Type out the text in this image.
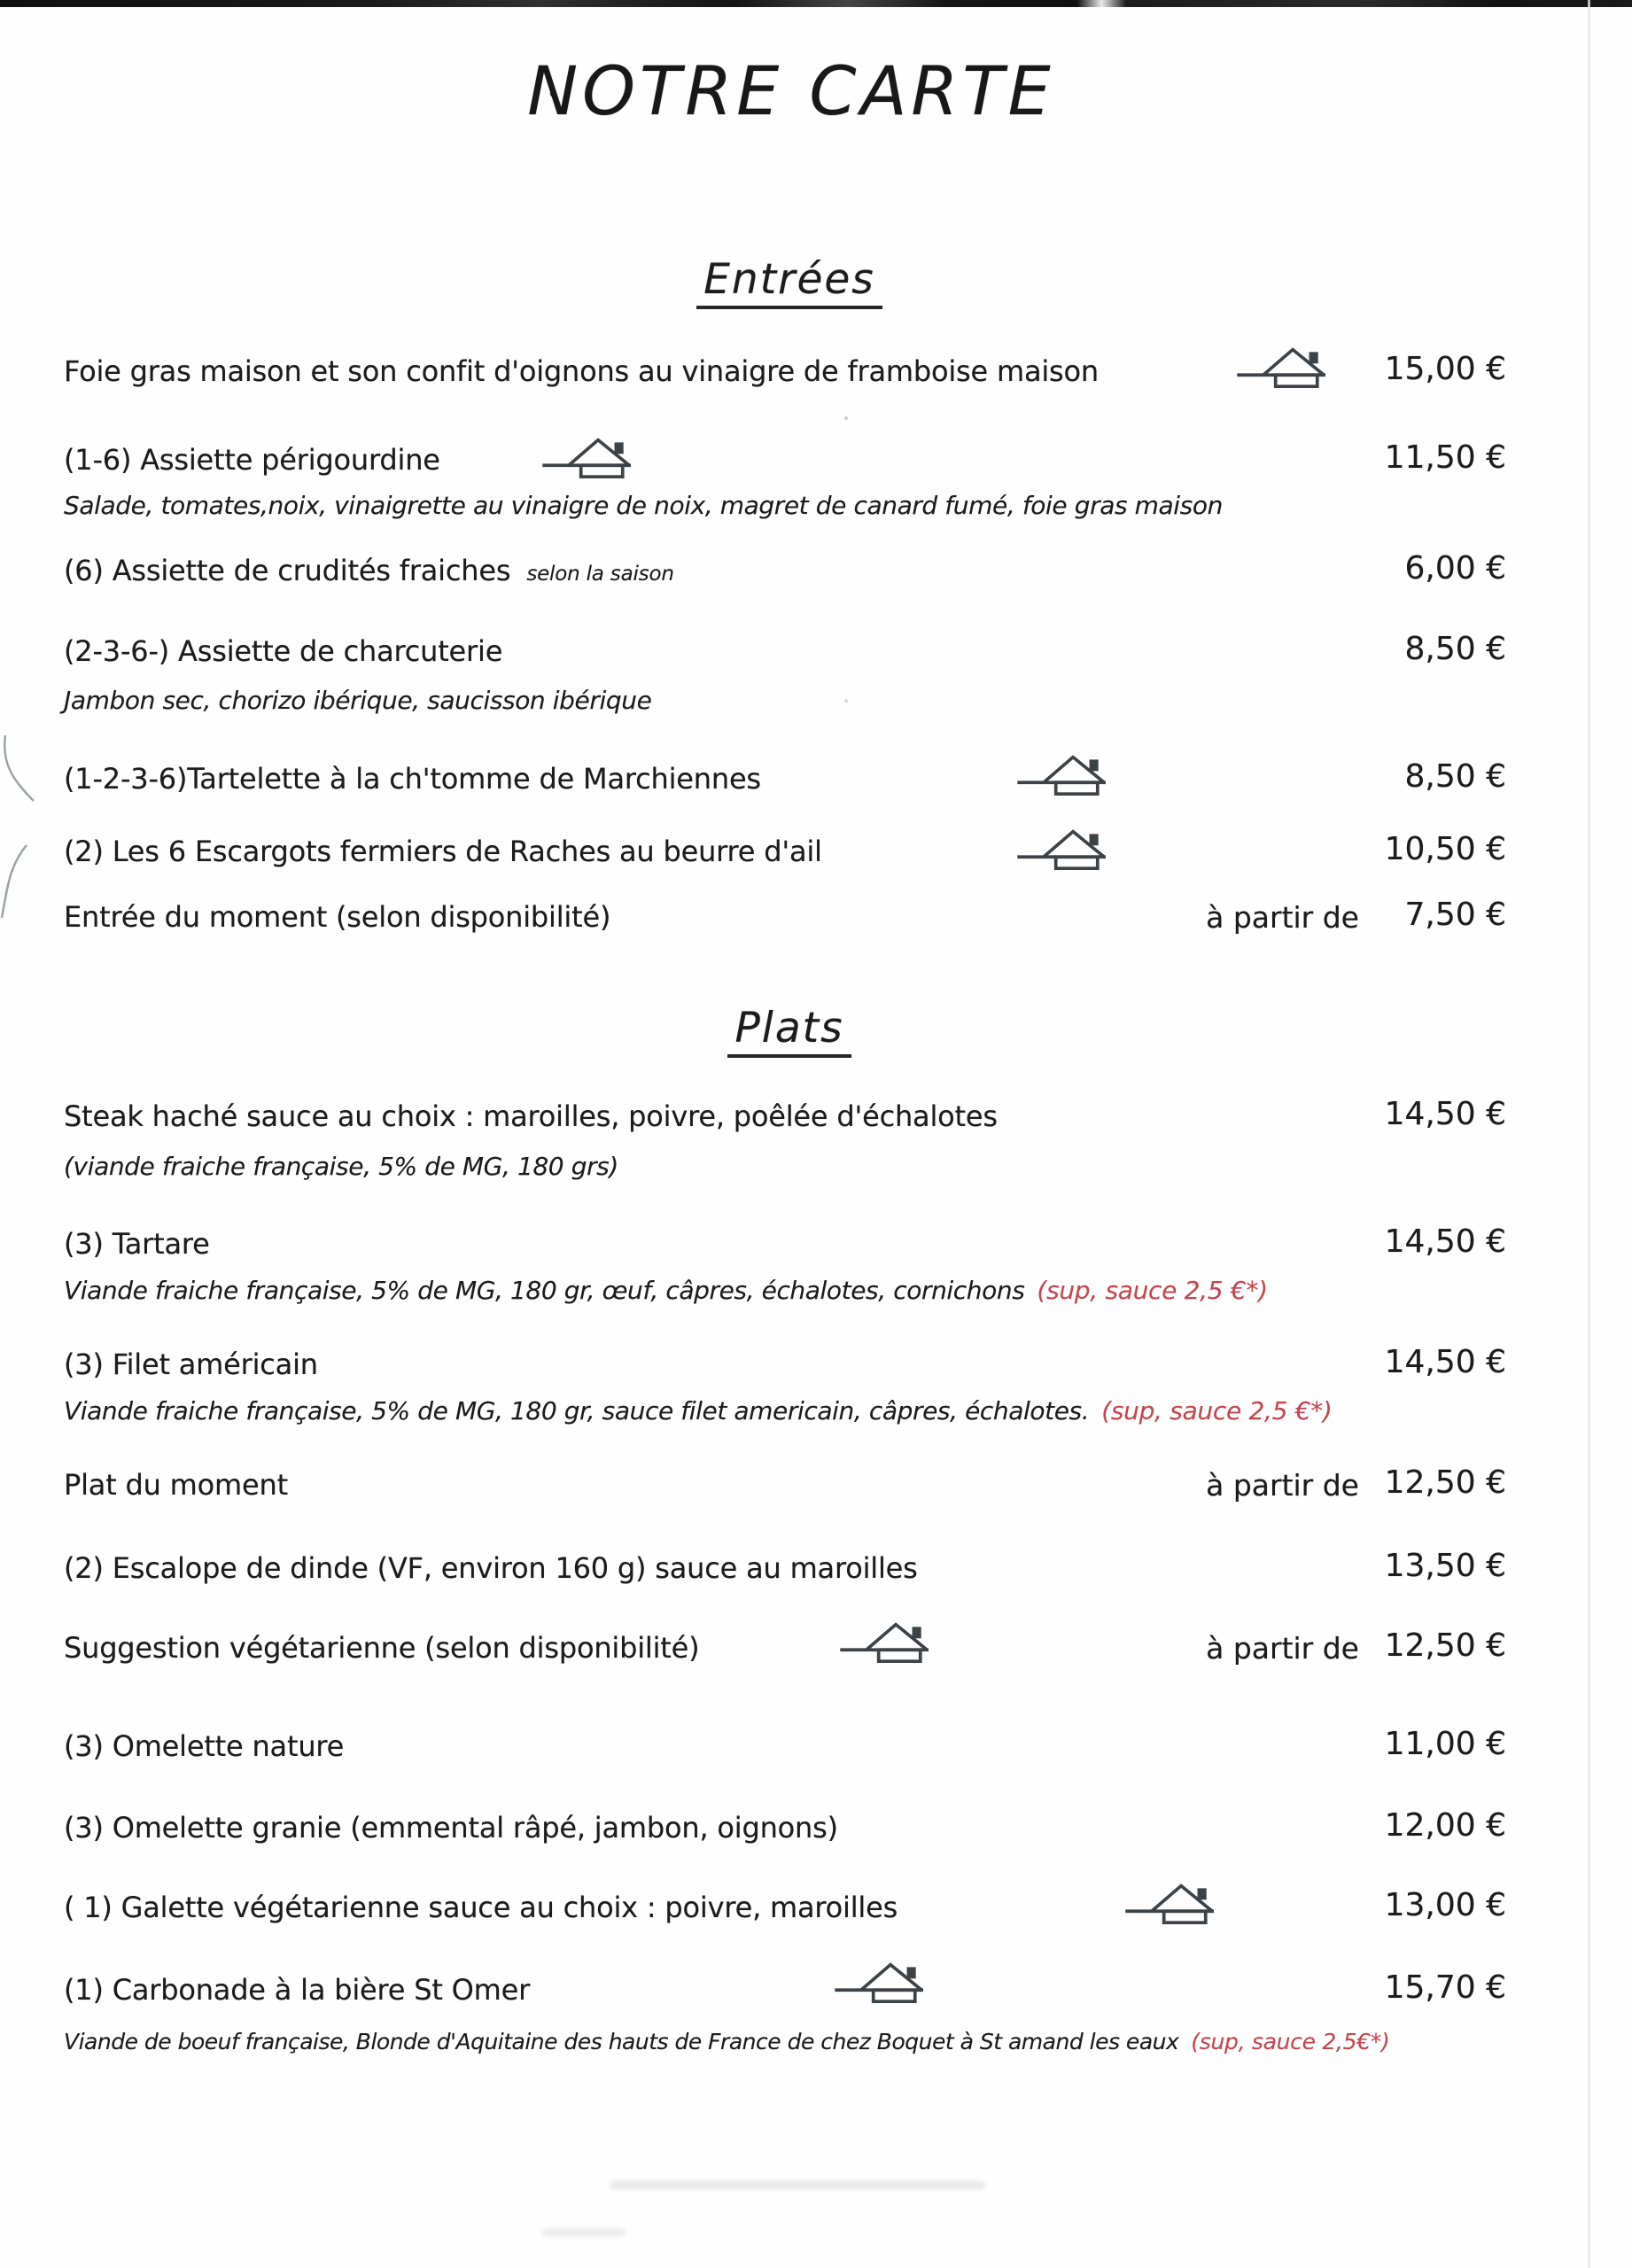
NOTRE CARTE
Entrées
Foie gras maison et son confit d'oignons au vinaigre de framboise maison	15,00 €
(1-6) Assiette périgourdine	11,50 €
Salade, tomates,noix, vinaigrette au vinaigre de noix, magret de canard fumé, foie gras maison
(6) Assiette de crudités fraiches selon la saison	6,00 €
(2-3-6-) Assiette de charcuterie	8,50 €
Jambon sec, chorizo ibérique, saucisson ibérique
(1-2-3-6)Tartelette à la ch'tomme de Marchiennes	8,50 €
(2) Les 6 Escargots fermiers de Raches au beurre d'ail	10,50 €
Entrée du moment (selon disponibilité)	à partir de 7,50 €
Plats
Steak haché sauce au choix : maroilles, poivre, poêlée d'échalotes	14,50 €
(viande fraiche française, 5% de MG, 180 grs)
(3) Tartare	14,50 €
Viande fraiche française, 5% de MG, 180 gr, œuf, câpres, échalotes, cornichons (sup, sauce 2,5 €*)
(3) Filet américain	14,50 €
Viande fraiche française, 5% de MG, 180 gr, sauce filet americain, câpres, échalotes. (sup, sauce 2,5 €*)
Plat du moment	à partir de 12,50 €
(2) Escalope de dinde (VF, environ 160 g) sauce au maroilles	13,50 €
Suggestion végétarienne (selon disponibilité)	à partir de 12,50 €
(3) Omelette nature	11,00 €
(3) Omelette granie (emmental râpé, jambon, oignons)	12,00 €
( 1) Galette végétarienne sauce au choix : poivre, maroilles	13,00 €
(1) Carbonade à la bière St Omer	15,70 €
Viande de boeuf française, Blonde d'Aquitaine des hauts de France de chez Boquet à St amand les eaux (sup, sauce 2,5€*)
